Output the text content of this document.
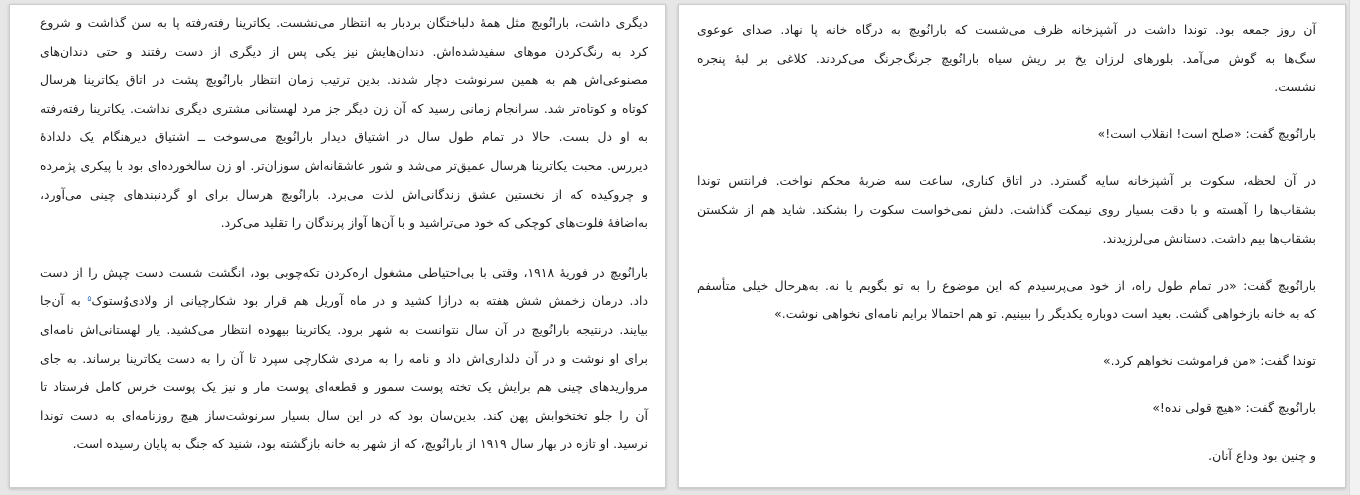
دیگری داشت، بارانُویچ مثل همهٔ دلباختگان بردبار به انتظار می‌نشست. یکاترینا رفته‌رفته پا به سن گذاشت و شروع
کرد به رنگ‌کردن موهای سفیدشده‌اش. دندان‌هایش نیز یکی پس از دیگری از دست رفتند و حتی دندان‌های
مصنوعی‌اش هم به همین سرنوشت دچار شدند. بدین ترتیب زمان انتظار بارانُویچ پشت در اتاق یکاترینا هرسال
کوتاه و کوتاه‌تر شد. سرانجام زمانی رسید که آن زن دیگر جز مرد لهستانی مشتری دیگری نداشت. یکاترینا رفته‌رفته
به او دل بست. حالا در تمام طول سال در اشتیاق دیدار بارانُویچ می‌سوخت ــ اشتیاق دیرهنگام یک دلدادهٔ
دیررس. محبت یکاترینا هرسال عمیق‌تر می‌شد و شور عاشقانه‌اش سوزان‌تر. او زن سالخورده‌ای بود با پیکری پژمرده
و چروکیده که از نخستین عشق زندگانی‌اش لذت می‌برد. بارانُویچ هرسال برای او گردنبندهای چینی می‌آورد،
به‌اضافهٔ فلوت‌های کوچکی که خود می‌تراشید و با آن‌ها آواز پرندگان را تقلید می‌کرد.
بارانُویچ در فوریهٔ ۱۹۱۸، وقتی با بی‌احتیاطی مشغول اره‌کردن تکه‌چوبی بود، انگشت شست دست چپش را از دست
داد. درمان زخمش شش هفته به درازا کشید و در ماه آوریل هم قرار بود شکارچیانی از ولادی‌وُستوک$^۵$ به آن‌جا
بیایند. درنتیجه بارانُویچ در آن سال نتوانست به شهر برود. یکاترینا بیهوده انتظار می‌کشید. یار لهستانی‌اش نامه‌ای
برای او نوشت و در آن دلداری‌اش داد و نامه را به مردی شکارچی سپرد تا آن را به دست یکاترینا برساند. به جای
مرواریدهای چینی هم برایش یک تخته پوست سمور و قطعه‌ای پوست مار و نیز یک پوست خرس کامل فرستاد تا
آن را جلو تختخوابش پهن کند. بدین‌سان بود که در این سال بسیار سرنوشت‌ساز هیچ روزنامه‌ای به دست توندا
نرسید. او تازه در بهار سال ۱۹۱۹ از بارانُویچ، که از شهر به خانه بازگشته بود، شنید که جنگ به پایان رسیده است.
آن روز جمعه بود. توندا داشت در آشپزخانه ظرف می‌شست که بارانُویچ به درگاه خانه پا نهاد. صدای عوعوی
سگ‌ها به گوش می‌آمد. بلورهای لرزان یخ بر ریش سیاه بارانُویچ جرنگ‌جرنگ می‌کردند. کلاغی بر لبهٔ پنجره
نشست.
بارانُویچ گفت: «صلح است! انقلاب است!»
در آن لحظه، سکوت بر آشپزخانه سایه گسترد. در اتاق کناری، ساعت سه ضربهٔ محکم نواخت. فرانتس توندا
بشقاب‌ها را آهسته و با دقت بسیار روی نیمکت گذاشت. دلش نمی‌خواست سکوت را بشکند. شاید هم از شکستن
بشقاب‌ها بیم داشت. دستانش می‌لرزیدند.
بارانُویچ گفت: «در تمام طول راه، از خود می‌پرسیدم که این موضوع را به تو بگویم یا نه. به‌هرحال خیلی متأسفم
که به خانه بازخواهی گشت. بعید است دوباره یکدیگر را ببینیم. تو هم احتمالا برایم نامه‌ای نخواهی نوشت.»
توندا گفت: «من فراموشت نخواهم کرد.»
بارانُویچ گفت: «هیچ قولی نده!»
و چنین بود وداع آنان.
